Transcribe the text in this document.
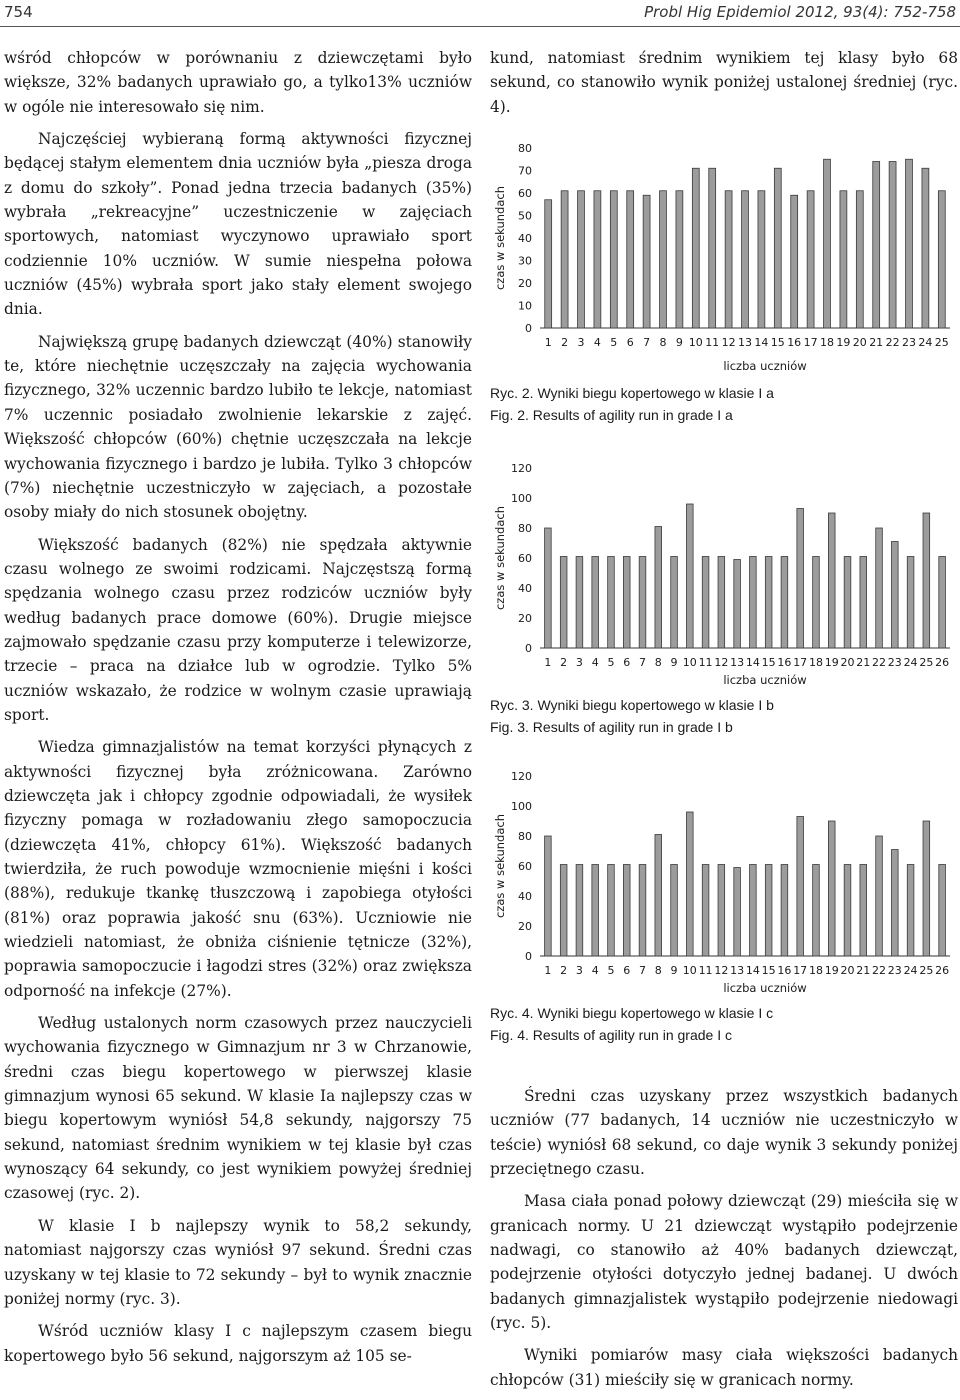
754	Probl Hig Epidemiol 2012, 93(4): 752-758

wśród chłopców w porównaniu z dziewczętami było większe, 32% badanych uprawiało go, a tylko13% uczniów w ogóle nie interesowało się nim.

Najczęściej wybieraną formą aktywności fizycznej będącej stałym elementem dnia uczniów była „piesza droga z domu do szkoły”. Ponad jedna trzecia badanych (35%) wybrała „rekreacyjne” uczestniczenie w zajęciach sportowych, natomiast wyczynowo uprawiało sport codziennie 10% uczniów. W sumie niespełna połowa uczniów (45%) wybrała sport jako stały element swojego dnia.

Największą grupę badanych dziewcząt (40%) stanowiły te, które niechętnie uczęszczały na zajęcia wychowania fizycznego, 32% uczennic bardzo lubiło te lekcje, natomiast 7% uczennic posiadało zwolnienie lekarskie z zajęć. Większość chłopców (60%) chętnie uczęszczała na lekcje wychowania fizycznego i bardzo je lubiła. Tylko 3 chłopców (7%) niechętnie uczestniczyło w zajęciach, a pozostałe osoby miały do nich stosunek obojętny.

Większość badanych (82%) nie spędzała aktywnie czasu wolnego ze swoimi rodzicami. Najczęstszą formą spędzania wolnego czasu przez rodziców uczniów były według badanych prace domowe (60%). Drugie miejsce zajmowało spędzanie czasu przy komputerze i telewizorze, trzecie – praca na działce lub w ogrodzie. Tylko 5% uczniów wskazało, że rodzice w wolnym czasie uprawiają sport.

Wiedza gimnazjalistów na temat korzyści płynących z aktywności fizycznej była zróżnicowana. Zarówno dziewczęta jak i chłopcy zgodnie odpowiadali, że wysiłek fizyczny pomaga w rozładowaniu złego samopoczucia (dziewczęta 41%, chłopcy 61%). Większość badanych twierdziła, że ruch powoduje wzmocnienie mięśni i kości (88%), redukuje tkankę tłuszczową i zapobiega otyłości (81%) oraz poprawia jakość snu (63%). Uczniowie nie wiedzieli natomiast, że obniża ciśnienie tętnicze (32%), poprawia samopoczucie i łagodzi stres (32%) oraz zwiększa odporność na infekcje (27%).

Według ustalonych norm czasowych przez nauczycieli wychowania fizycznego w Gimnazjum nr 3 w Chrzanowie, średni czas biegu kopertowego w pierwszej klasie gimnazjum wynosi 65 sekund. W klasie Ia najlepszy czas w biegu kopertowym wyniósł 54,8 sekundy, najgorszy 75 sekund, natomiast średnim wynikiem w tej klasie był czas wynoszący 64 sekundy, co jest wynikiem powyżej średniej czasowej (ryc. 2).

W klasie I b najlepszy wynik to 58,2 sekundy, natomiast najgorszy czas wyniósł 97 sekund. Średni czas uzyskany w tej klasie to 72 sekundy – był to wynik znacznie poniżej normy (ryc. 3).

Wśród uczniów klasy I c najlepszym czasem biegu kopertowego było 56 sekund, najgorszym aż 105 se-

kund, natomiast średnim wynikiem tej klasy było 68 sekund, co stanowiło wynik poniżej ustalonej średniej (ryc. 4).

0
10
20
30
40
50
60
70
80
1 2 3 4 5 6 7 8 9 10 11 12 13 14 15 16 17 18 19 20 21 22 23 24 25
liczba uczniów
czas w sekundach
Ryc. 2. Wyniki biegu kopertowego w klasie I a
Fig. 2. Results of agility run in grade I a
0
20
40
60
80
100
120
1 2 3 4 5 6 7 8 9 10 11 12 13 14 15 16 17 18 19 20 21 22 23 24 25 26
liczba uczniów
czas w sekundach
Ryc. 3. Wyniki biegu kopertowego w klasie I b
Fig. 3. Results of agility run in grade I b
0
20
40
60
80
100
120
1 2 3 4 5 6 7 8 9 10 11 12 13 14 15 16 17 18 19 20 21 22 23 24 25 26
liczba uczniów
czas w sekundach
Ryc. 4. Wyniki biegu kopertowego w klasie I c
Fig. 4. Results of agility run in grade I c

Średni czas uzyskany przez wszystkich badanych uczniów (77 badanych, 14 uczniów nie uczestniczyło w teście) wyniósł 68 sekund, co daje wynik 3 sekundy poniżej przeciętnego czasu.

Masa ciała ponad połowy dziewcząt (29) mieściła się w granicach normy. U 21 dziewcząt wystąpiło podejrzenie nadwagi, co stanowiło aż 40% badanych dziewcząt, podejrzenie otyłości dotyczyło jednej badanej. U dwóch badanych gimnazjalistek wystąpiło podejrzenie niedowagi (ryc. 5).

Wyniki pomiarów masy ciała większości badanych chłopców (31) mieściły się w granicach normy.
